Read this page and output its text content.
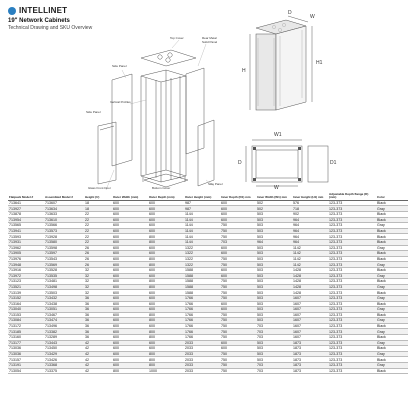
INTELLINET
19" Network Cabinets
Technical Drawing and SKU Overview
Top Cover	Rear Metal
Solid Panel
Side Panel
Vertical Profiles
Side Panel
Glass Front Door
Side Panel
Bottom Cover
D
W
H
H1
W1
W
D1
D
Flatpack Model #	Assembled Model #	Height (U)	Outer Width (mm)	Outer Depth (mm)	Outer Height (mm)	Inner Depth (D1) mm	Inner Width (W1) mm	Inner Height (H1) mm	Adjustable Depth flange (D) (mm)	Color
713641	713607	18	600	600	987	600	502	576	123-373	Black
713927	713634	18	600	600	987	600	502	718	123-373	Gray
713878	713633	22	600	600	1144	600	503	902	123-373	Black
713954	713610	22	600	600	1144	600	503	964	123-373	Black
713565	713566	22	600	600	1144	750	503	964	123-373	Gray
713941	713573	22	600	600	1144	750	503	964	123-373	Black
713593	713928	22	600	800	1144	750	503	964	123-373	Black
713931	713580	22	600	800	1144	703	964	964	123-373	Black
713962	713598	26	600	600	1322	600	503	1142	123-373	Gray
713905	713597	26	600	600	1322	600	503	1142	123-373	Black
713976	713543	26	600	800	1322	750	503	1142	123-373	Black
713948	713569	26	600	800	1322	750	503	1142	123-373	Gray
713916	713528	32	600	600	1588	600	503	1428	123-373	Black
713972	713535	32	600	600	1588	600	503	1428	123-373	Gray
713123	713481	32	600	800	1588	750	503	1428	123-373	Black
713521	713498	32	600	800	1588	750	503	1428	123-373	Gray
713139	713503	32	600	600	1588	750	503	1428	123-373	Black
713152	713432	36	600	600	1766	750	503	1607	123-373	Gray
713164	713438	36	600	600	1766	600	503	1607	123-373	Black
713040	713051	36	600	600	1766	600	503	1607	123-373	Gray
713153	713467	36	600	800	1766	750	503	1607	123-373	Black
713084	713474	36	600	800	1766	750	503	1607	123-373	Gray
713172	713496	36	600	600	1766	750	703	1607	123-373	Black
713185	713382	36	600	800	1766	750	703	1607	123-373	Gray
713160	713289	36	600	800	1766	750	703	1607	123-373	Black
713177	713443	42	600	600	2033	600	503	1873	123-373	Gray
713036	713450	42	600	600	2033	600	503	1873	123-373	Black
713036	713429	42	600	800	2033	750	503	1873	123-373	Gray
713157	713426	42	600	800	2033	750	503	1873	123-373	Black
713191	713368	42	600	800	2033	750	703	1873	123-373	Gray
713054	713375	42	800	1000	2033	750	703	1873	123-373	Black
